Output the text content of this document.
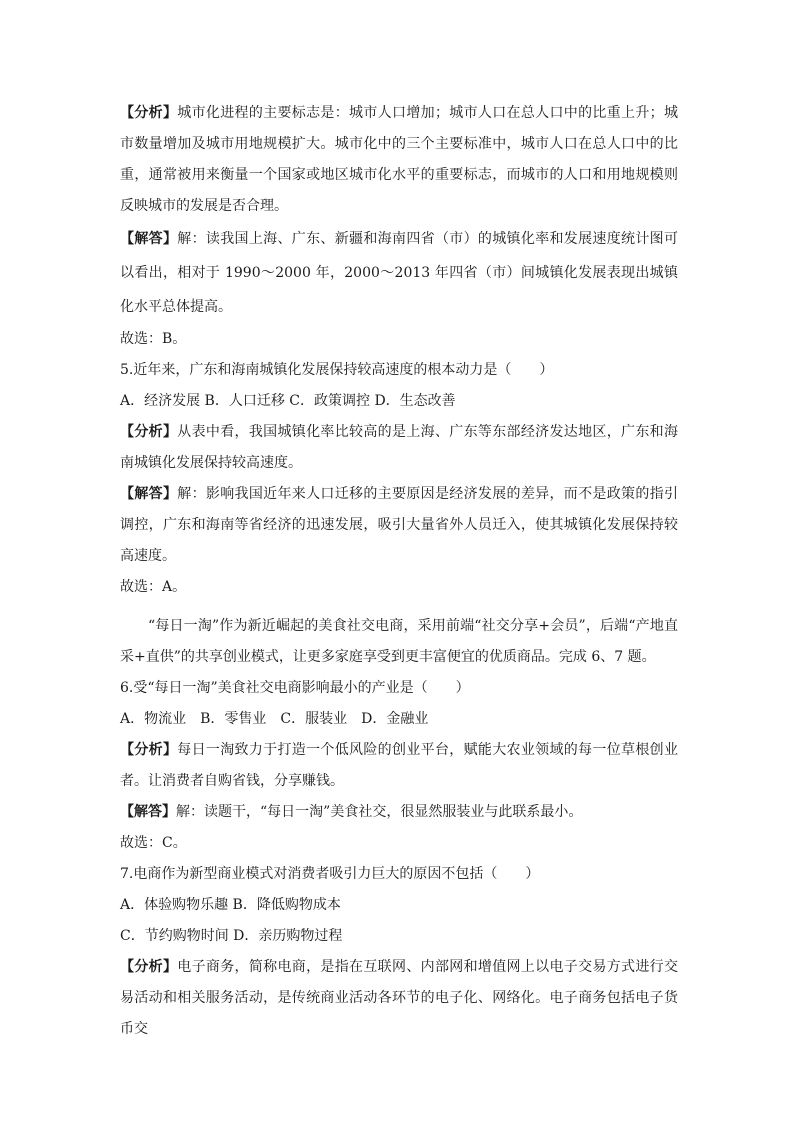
【分析】城市化进程的主要标志是：城市人口增加；城市人口在总人口中的比重上升；城市数量增加及城市用地规模扩大。城市化中的三个主要标准中，城市人口在总人口中的比重，通常被用来衡量一个国家或地区城市化水平的重要标志，而城市的人口和用地规模则反映城市的发展是否合理。

【解答】解：读我国上海、广东、新疆和海南四省（市）的城镇化率和发展速度统计图可以看出，相对于 1990～2000 年，2000～2013 年四省（市）间城镇化发展表现出城镇化水平总体提高。

故选：B。

5.近年来，广东和海南城镇化发展保持较高速度的根本动力是（　　）

A．经济发展 B．人口迁移 C．政策调控 D．生态改善

【分析】从表中看，我国城镇化率比较高的是上海、广东等东部经济发达地区，广东和海南城镇化发展保持较高速度。

【解答】解：影响我国近年来人口迁移的主要原因是经济发展的差异，而不是政策的指引调控，广东和海南等省经济的迅速发展，吸引大量省外人员迁入，使其城镇化发展保持较高速度。

故选：A。

“每日一淘”作为新近崛起的美食社交电商，采用前端“社交分享+会员”，后端“产地直采+直供”的共享创业模式，让更多家庭享受到更丰富便宜的优质商品。完成 6、7 题。

6.受“每日一淘”美食社交电商影响最小的产业是（　　）

A．物流业　B．零售业　C．服装业　D．金融业

【分析】每日一淘致力于打造一个低风险的创业平台，赋能大农业领域的每一位草根创业者。让消费者自购省钱，分享赚钱。

【解答】解：读题干，“每日一淘”美食社交，很显然服装业与此联系最小。

故选：C。

7.电商作为新型商业模式对消费者吸引力巨大的原因不包括（　　）

A．体验购物乐趣 B．降低购物成本

C．节约购物时间 D．亲历购物过程

【分析】电子商务，简称电商，是指在互联网、内部网和增值网上以电子交易方式进行交易活动和相关服务活动，是传统商业活动各环节的电子化、网络化。电子商务包括电子货币交
